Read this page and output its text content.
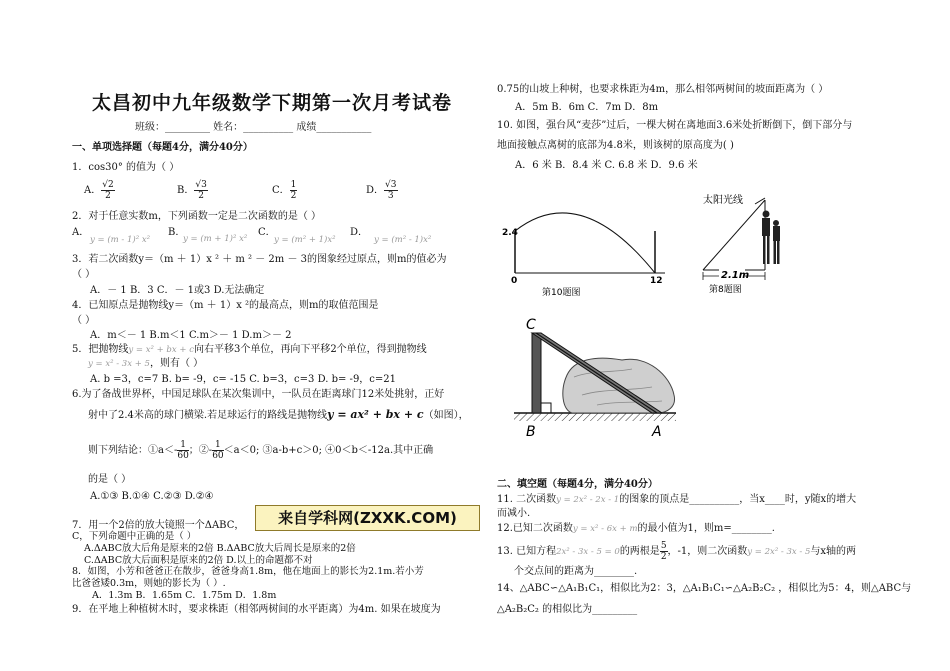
太昌初中九年级数学下期第一次月考试卷
班级：_________ 姓名：__________ 成绩___________
一、单项选择题（每题4分，满分40分）
1．cos30° 的值为（ ）
A． $\frac{√2}{2}$	B． $\frac{√3}{2}$	C． $\frac{1}{2}$	D． $\frac{√3}{3}$
2．对于任意实数m，下列函数一定是二次函数的是（ ）
A．
y = (m - 1)² x²
B．
y = (m + 1)² x²
C．
y = (m² + 1)x²
D．
y = (m² - 1)x²
3．若二次函数y＝（m ＋ 1）x ² ＋ m ² － 2m － 3的图象经过原点，则m的值必为
（ ）
A．－ 1 B．3 C．－ 1或3 D.无法确定
4．已知原点是抛物线y＝（m ＋ 1）x ²的最高点，则m的取值范围是
（ ）
A．m＜－ 1 B.m＜1 C.m＞－ 1 D.m＞－ 2
5．把抛物线y = x² + bx + c向右平移3个单位，再向下平移2个单位，得到抛物线
y = x² - 3x + 5，则有（ ）
A. b =3，c=7 B. b= -9，c= -15 C. b=3，c=3 D. b= -9，c=21
6.为了备战世界杯，中国足球队在某次集训中，一队员在距离球门12米处挑射，正好
射中了2.4米高的球门横梁.若足球运行的路线是抛物线y = ax² + bx + c（如图），
则下列结论：①a＜- $\frac{1}{60}$ ；②- $\frac{1}{60} <a<0$; ③a-b+c＞0; ④0＜b＜-12a.其中正确
的是（ ）
A.①③ B.①④ C.②③ D.②④
7．用一个2倍的放大镜照一个ΔABC，
C，下列命题中正确的是（ ）
A.ΔABC放大后角是原来的2倍 B.ΔABC放大后周长是原来的2倍
C.ΔABC放大后面积是原来的2倍 D.以上的命题都不对
8．如图，小芳和爸爸正在散步，爸爸身高1.8m，他在地面上的影长为2.1m.若小芳
比爸爸矮0.3m，则她的影长为（ ）.
A．1.3m B．1.65m C．1.75m D．1.8m
9．在平地上种植树木时，要求株距（相邻两树间的水平距离）为4m. 如果在坡度为
来自学科网(ZXXK.COM)
0.75的山坡上种树，也要求株距为4m，那么相邻两树间的坡面距离为（ ）
A．5m B．6m C．7m D．8m
10. 如图，强台风“麦莎”过后，一棵大树在离地面3.6米处折断倒下，倒下部分与
地面接触点离树的底部为4.8米，则该树的原高度为( )
A．6 米 B．8.4 米 C. 6.8 米 D．9.6 米
2.4
0	12
第10题图
太阳光线
2.1m
第8题图
C
B	A
二、填空题（每题4分，满分40分）
11. 二次函数y = 2x² - 2x - 1的图象的顶点是__________，当x____时，y随x的增大
而减小.
12.已知二次函数y = x² - 6x + m的最小值为1，则m=________.
13. 已知方程2x² - 3x - 5 = 0的两根是 $\frac{5}{2}$ ，-1，则二次函数y = 2x² - 3x - 5与x轴的两
个交点间的距离为________.
14、△ABC∽△A₁B₁C₁，相似比为2：3，△A₁B₁C₁∽△A₂B₂C₂ ，相似比为5：4，则△ABC与
△A₂B₂C₂ 的相似比为_________
